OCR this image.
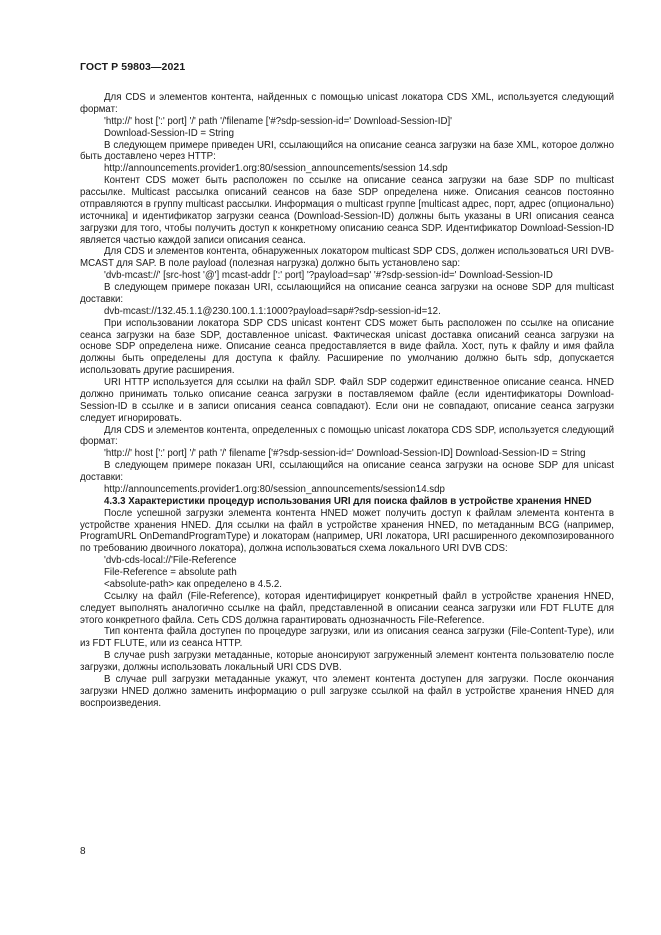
ГОСТ Р 59803—2021

Для CDS и элементов контента, найденных с помощью unicast локатора CDS XML, используется следующий формат:

'http://' host [':' port] '/' path '/'filename ['#?sdp-session-id=' Download-Session-ID]'

Download-Session-ID = String

В следующем примере приведен URI, ссылающийся на описание сеанса загрузки на базе XML, которое должно быть доставлено через HTTP:

http://announcements.provider1.org:80/session_announcements/session 14.sdp

Контент CDS может быть расположен по ссылке на описание сеанса загрузки на базе SDP по multicast рассылке. Multicast рассылка описаний сеансов на базе SDP определена ниже. Описания сеансов постоянно отправляются в группу multicast рассылки. Информация о multicast группе [multicast адрес, порт, адрес (опционально) источника] и идентификатор загрузки сеанса (Download-Session-ID) должны быть указаны в URI описания сеанса загрузки для того, чтобы получить доступ к конкретному описанию сеанса SDP. Идентификатор Download-Session-ID является частью каждой записи описания сеанса.

Для CDS и элементов контента, обнаруженных локатором multicast SDP CDS, должен использоваться URI DVB-MCAST для SAP. В поле payload (полезная нагрузка) должно быть установлено sap:

'dvb-mcast://' [src-host '@'] mcast-addr [':' port] '?payload=sap' '#?sdp-session-id=' Download-Session-ID

В следующем примере показан URI, ссылающийся на описание сеанса загрузки на основе SDP для multicast доставки:

dvb-mcast://132.45.1.1@230.100.1.1:1000?payload=sap#?sdp-session-id=12.

При использовании локатора SDP CDS unicast контент CDS может быть расположен по ссылке на описание сеанса загрузки на базе SDP, доставленное unicast. Фактическая unicast доставка описаний сеанса загрузки на основе SDP определена ниже. Описание сеанса предоставляется в виде файла. Хост, путь к файлу и имя файла должны быть определены для доступа к файлу. Расширение по умолчанию должно быть sdp, допускается использовать другие расширения.

URI HTTP используется для ссылки на файл SDP. Файл SDP содержит единственное описание сеанса. HNED должно принимать только описание сеанса загрузки в поставляемом файле (если идентификаторы Download-Session-ID в ссылке и в записи описания сеанса совпадают). Если они не совпадают, описание сеанса загрузки следует игнорировать.

Для CDS и элементов контента, определенных с помощью unicast локатора CDS SDP, используется следующий формат:

'http://' host [':' port] '/' path '/' filename ['#?sdp-session-id=' Download-Session-ID] Download-Session-ID = String

В следующем примере показан URI, ссылающийся на описание сеанса загрузки на основе SDP для unicast доставки:

http://announcements.provider1.org:80/session_announcements/session14.sdp

4.3.3 Характеристики процедур использования URI для поиска файлов в устройстве хранения HNED

После успешной загрузки элемента контента HNED может получить доступ к файлам элемента контента в устройстве хранения HNED. Для ссылки на файл в устройстве хранения HNED, по метаданным BCG (например, ProgramURL OnDemandProgramType) и локаторам (например, URI локатора, URI расширенного декомпозированного по требованию двоичного локатора), должна использоваться схема локального URI DVB CDS:

'dvb-cds-local://'File-Reference

File-Reference = absolute path

<absolute-path> как определено в 4.5.2.

Ссылку на файл (File-Reference), которая идентифицирует конкретный файл в устройстве хранения HNED, следует выполнять аналогично ссылке на файл, представленной в описании сеанса загрузки или FDT FLUTE для этого конкретного файла. Сеть CDS должна гарантировать однозначность File-Reference.

Тип контента файла доступен по процедуре загрузки, или из описания сеанса загрузки (File-Content-Type), или из FDT FLUTE, или из сеанса HTTP.

В случае push загрузки метаданные, которые анонсируют загруженный элемент контента пользователю после загрузки, должны использовать локальный URI CDS DVB.

В случае pull загрузки метаданные укажут, что элемент контента доступен для загрузки. После окончания загрузки HNED должно заменить информацию о pull загрузке ссылкой на файл в устройстве хранения HNED для воспроизведения.

8
